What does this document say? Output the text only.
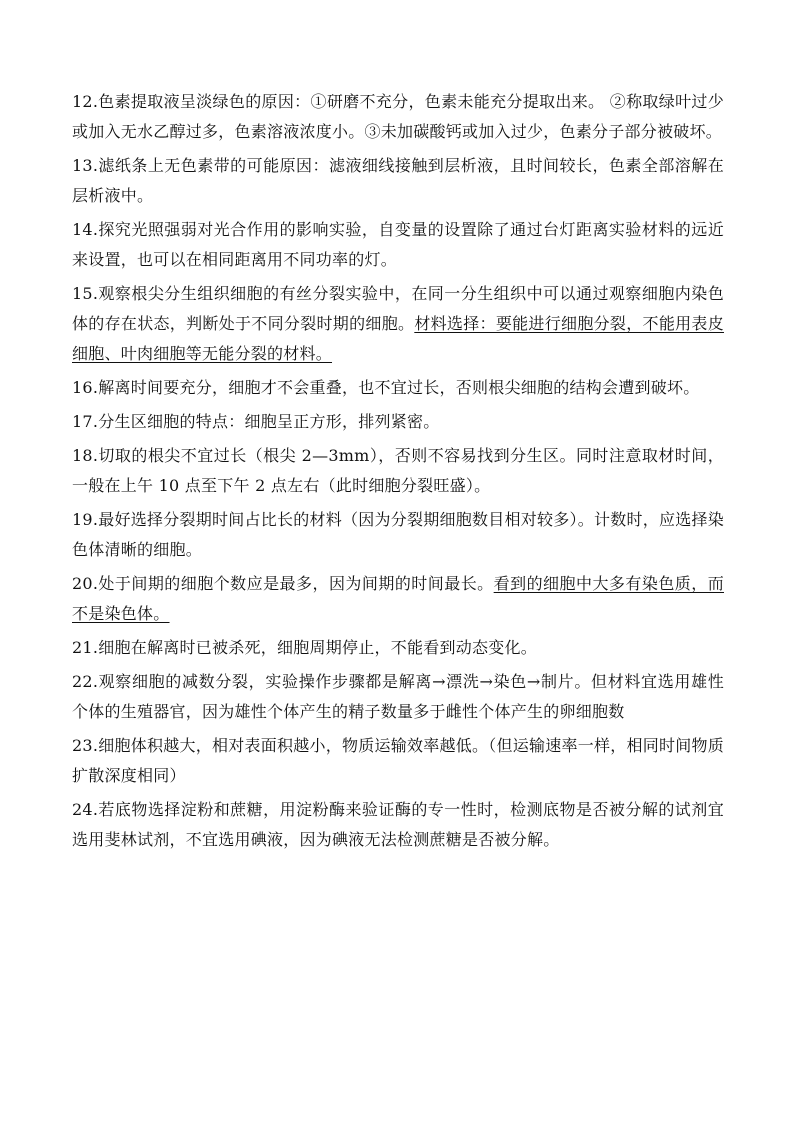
12.色素提取液呈淡绿色的原因：①研磨不充分，色素未能充分提取出来。 ②称取绿叶过少或加入无水乙醇过多，色素溶液浓度小。③未加碳酸钙或加入过少，色素分子部分被破坏。

13.滤纸条上无色素带的可能原因：滤液细线接触到层析液，且时间较长，色素全部溶解在层析液中。

14.探究光照强弱对光合作用的影响实验，自变量的设置除了通过台灯距离实验材料的远近来设置，也可以在相同距离用不同功率的灯。

15.观察根尖分生组织细胞的有丝分裂实验中，在同一分生组织中可以通过观察细胞内染色体的存在状态，判断处于不同分裂时期的细胞。材料选择：要能进行细胞分裂，不能用表皮细胞、叶肉细胞等无能分裂的材料。

16.解离时间要充分，细胞才不会重叠，也不宜过长，否则根尖细胞的结构会遭到破坏。

17.分生区细胞的特点：细胞呈正方形，排列紧密。

18.切取的根尖不宜过长（根尖 2—3mm），否则不容易找到分生区。同时注意取材时间，一般在上午 10 点至下午 2 点左右（此时细胞分裂旺盛）。

19.最好选择分裂期时间占比长的材料（因为分裂期细胞数目相对较多）。计数时，应选择染色体清晰的细胞。

20.处于间期的细胞个数应是最多，因为间期的时间最长。看到的细胞中大多有染色质，而不是染色体。

21.细胞在解离时已被杀死，细胞周期停止，不能看到动态变化。

22.观察细胞的减数分裂，实验操作步骤都是解离→漂洗→染色→制片。但材料宜选用雄性个体的生殖器官，因为雄性个体产生的精子数量多于雌性个体产生的卵细胞数

23.细胞体积越大，相对表面积越小，物质运输效率越低。（但运输速率一样，相同时间物质扩散深度相同）

24.若底物选择淀粉和蔗糖，用淀粉酶来验证酶的专一性时，检测底物是否被分解的试剂宜选用斐林试剂，不宜选用碘液，因为碘液无法检测蔗糖是否被分解。
